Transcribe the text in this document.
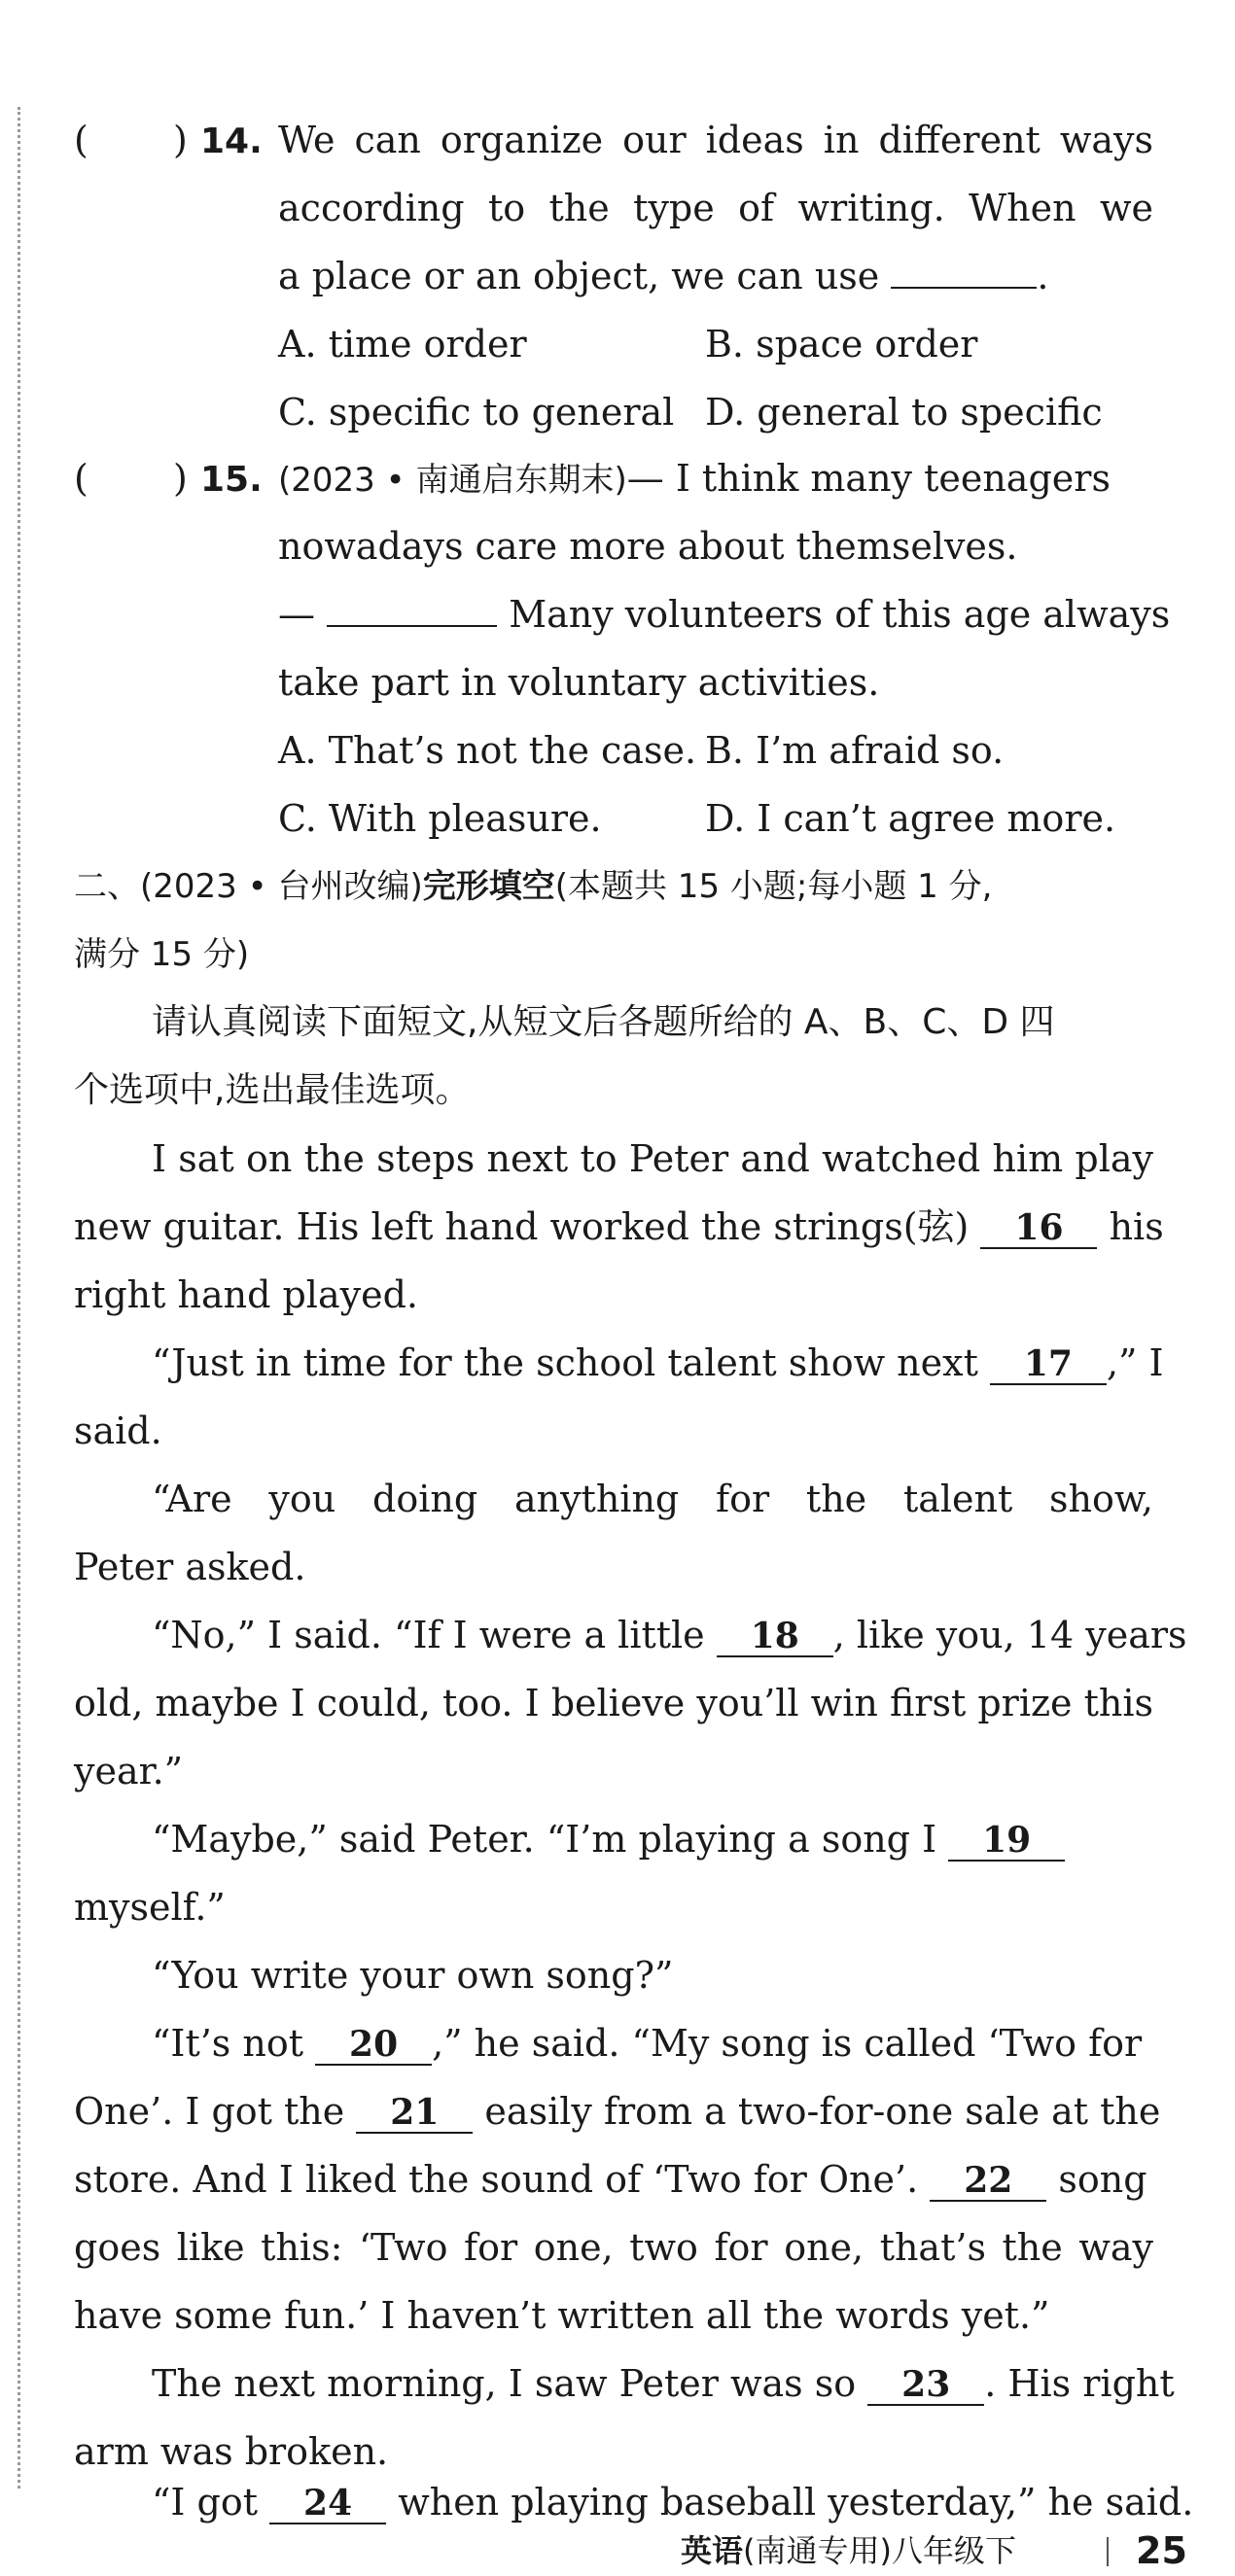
( ) 14. We can organize our ideas in different ways
according to the type of writing. When we
a place or an object, we can use	.
A. time order	B. space order
C. specific to general D. general to specific
( ) 15. (2023 • 南通启东期末)— I think many teenagers
nowadays care more about themselves.
—	Many volunteers of this age always
take part in voluntary activities.
A. That’s not the case. B. I’m afraid so.
C. With pleasure.	D. I can’t agree more.
二、(2023 • 台州改编)完形填空(本题共 15 小题;每小题 1 分,
满分 15 分)
请认真阅读下面短文,从短文后各题所给的 A、B、C、D 四
个选项中,选出最佳选项。
I sat on the steps next to Peter and watched him play
new guitar. His left hand worked the strings(弦) 16 his
right hand played.
“Just in time for the school talent show next 17 ,” I
said.
“Are you doing anything for the talent show,
Peter asked.
“No,” I said. “If I were a little 18 , like you, 14 years
old, maybe I could, too. I believe you’ll win first prize this
year.”
“Maybe,” said Peter. “I’m playing a song I 19
myself.”
“You write your own song?”
“It’s not 20 ,” he said. “My song is called ‘Two for
One’. I got the 21 easily from a two-for-one sale at the
store. And I liked the sound of ‘Two for One’. 22 song
goes like this: ‘Two for one, two for one, that’s the way
have some fun.’ I haven’t written all the words yet.”
The next morning, I saw Peter was so 23 . His right
arm was broken.
“I got 24 when playing baseball yesterday,” he said.
英语(南通专用)八年级下	25
